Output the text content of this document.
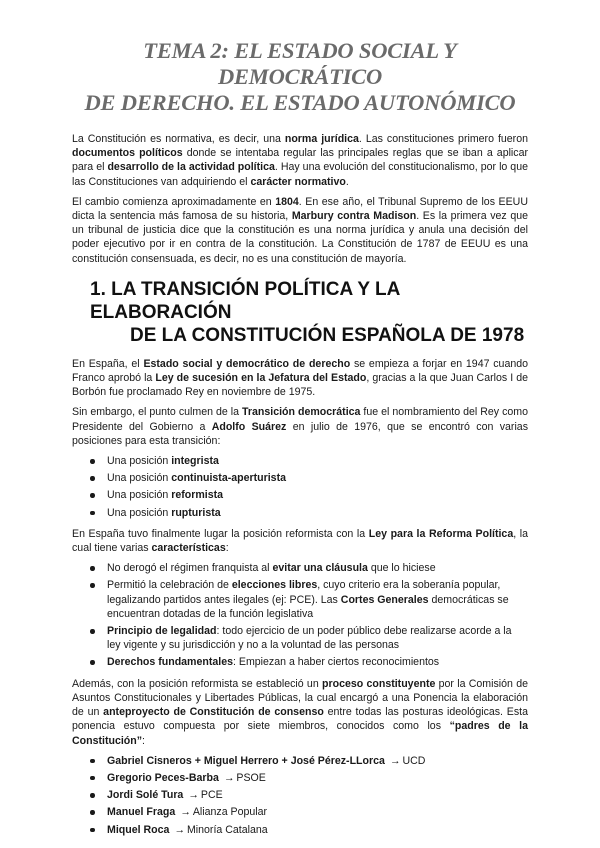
TEMA 2: EL ESTADO SOCIAL Y DEMOCRÁTICO
DE DERECHO. EL ESTADO AUTONÓMICO

La Constitución es normativa, es decir, una norma jurídica. Las constituciones primero fueron documentos políticos donde se intentaba regular las principales reglas que se iban a aplicar para el desarrollo de la actividad política. Hay una evolución del constitucionalismo, por lo que las Constituciones van adquiriendo el carácter normativo.

El cambio comienza aproximadamente en 1804. En ese año, el Tribunal Supremo de los EEUU dicta la sentencia más famosa de su historia, Marbury contra Madison. Es la primera vez que un tribunal de justicia dice que la constitución es una norma jurídica y anula una decisión del poder ejecutivo por ir en contra de la constitución. La Constitución de 1787 de EEUU es una constitución consensuada, es decir, no es una constitución de mayoría.

1. LA TRANSICIÓN POLÍTICA Y LA ELABORACIÓN
DE LA CONSTITUCIÓN ESPAÑOLA DE 1978

En España, el Estado social y democrático de derecho se empieza a forjar en 1947 cuando Franco aprobó la Ley de sucesión en la Jefatura del Estado, gracias a la que Juan Carlos I de Borbón fue proclamado Rey en noviembre de 1975.

Sin embargo, el punto culmen de la Transición democrática fue el nombramiento del Rey como Presidente del Gobierno a Adolfo Suárez en julio de 1976, que se encontró con varias posiciones para esta transición:

Una posición integrista
Una posición continuista-aperturista
Una posición reformista
Una posición rupturista

En España tuvo finalmente lugar la posición reformista con la Ley para la Reforma Política, la cual tiene varias características:

No derogó el régimen franquista al evitar una cláusula que lo hiciese
Permitió la celebración de elecciones libres, cuyo criterio era la soberanía popular, legalizando partidos antes ilegales (ej: PCE). Las Cortes Generales democráticas se encuentran dotadas de la función legislativa
Principio de legalidad: todo ejercicio de un poder público debe realizarse acorde a la ley vigente y su jurisdicción y no a la voluntad de las personas
Derechos fundamentales: Empiezan a haber ciertos reconocimientos

Además, con la posición reformista se estableció un proceso constituyente por la Comisión de Asuntos Constitucionales y Libertades Públicas, la cual encargó a una Ponencia la elaboración de un anteproyecto de Constitución de consenso entre todas las posturas ideológicas. Esta ponencia estuvo compuesta por siete miembros, conocidos como los “padres de la Constitución”:

Gabriel Cisneros + Miguel Herrero + José Pérez-LLorca → UCD
Gregorio Peces-Barba → PSOE
Jordi Solé Tura → PCE
Manuel Fraga → Alianza Popular
Miquel Roca → Minoría Catalana
